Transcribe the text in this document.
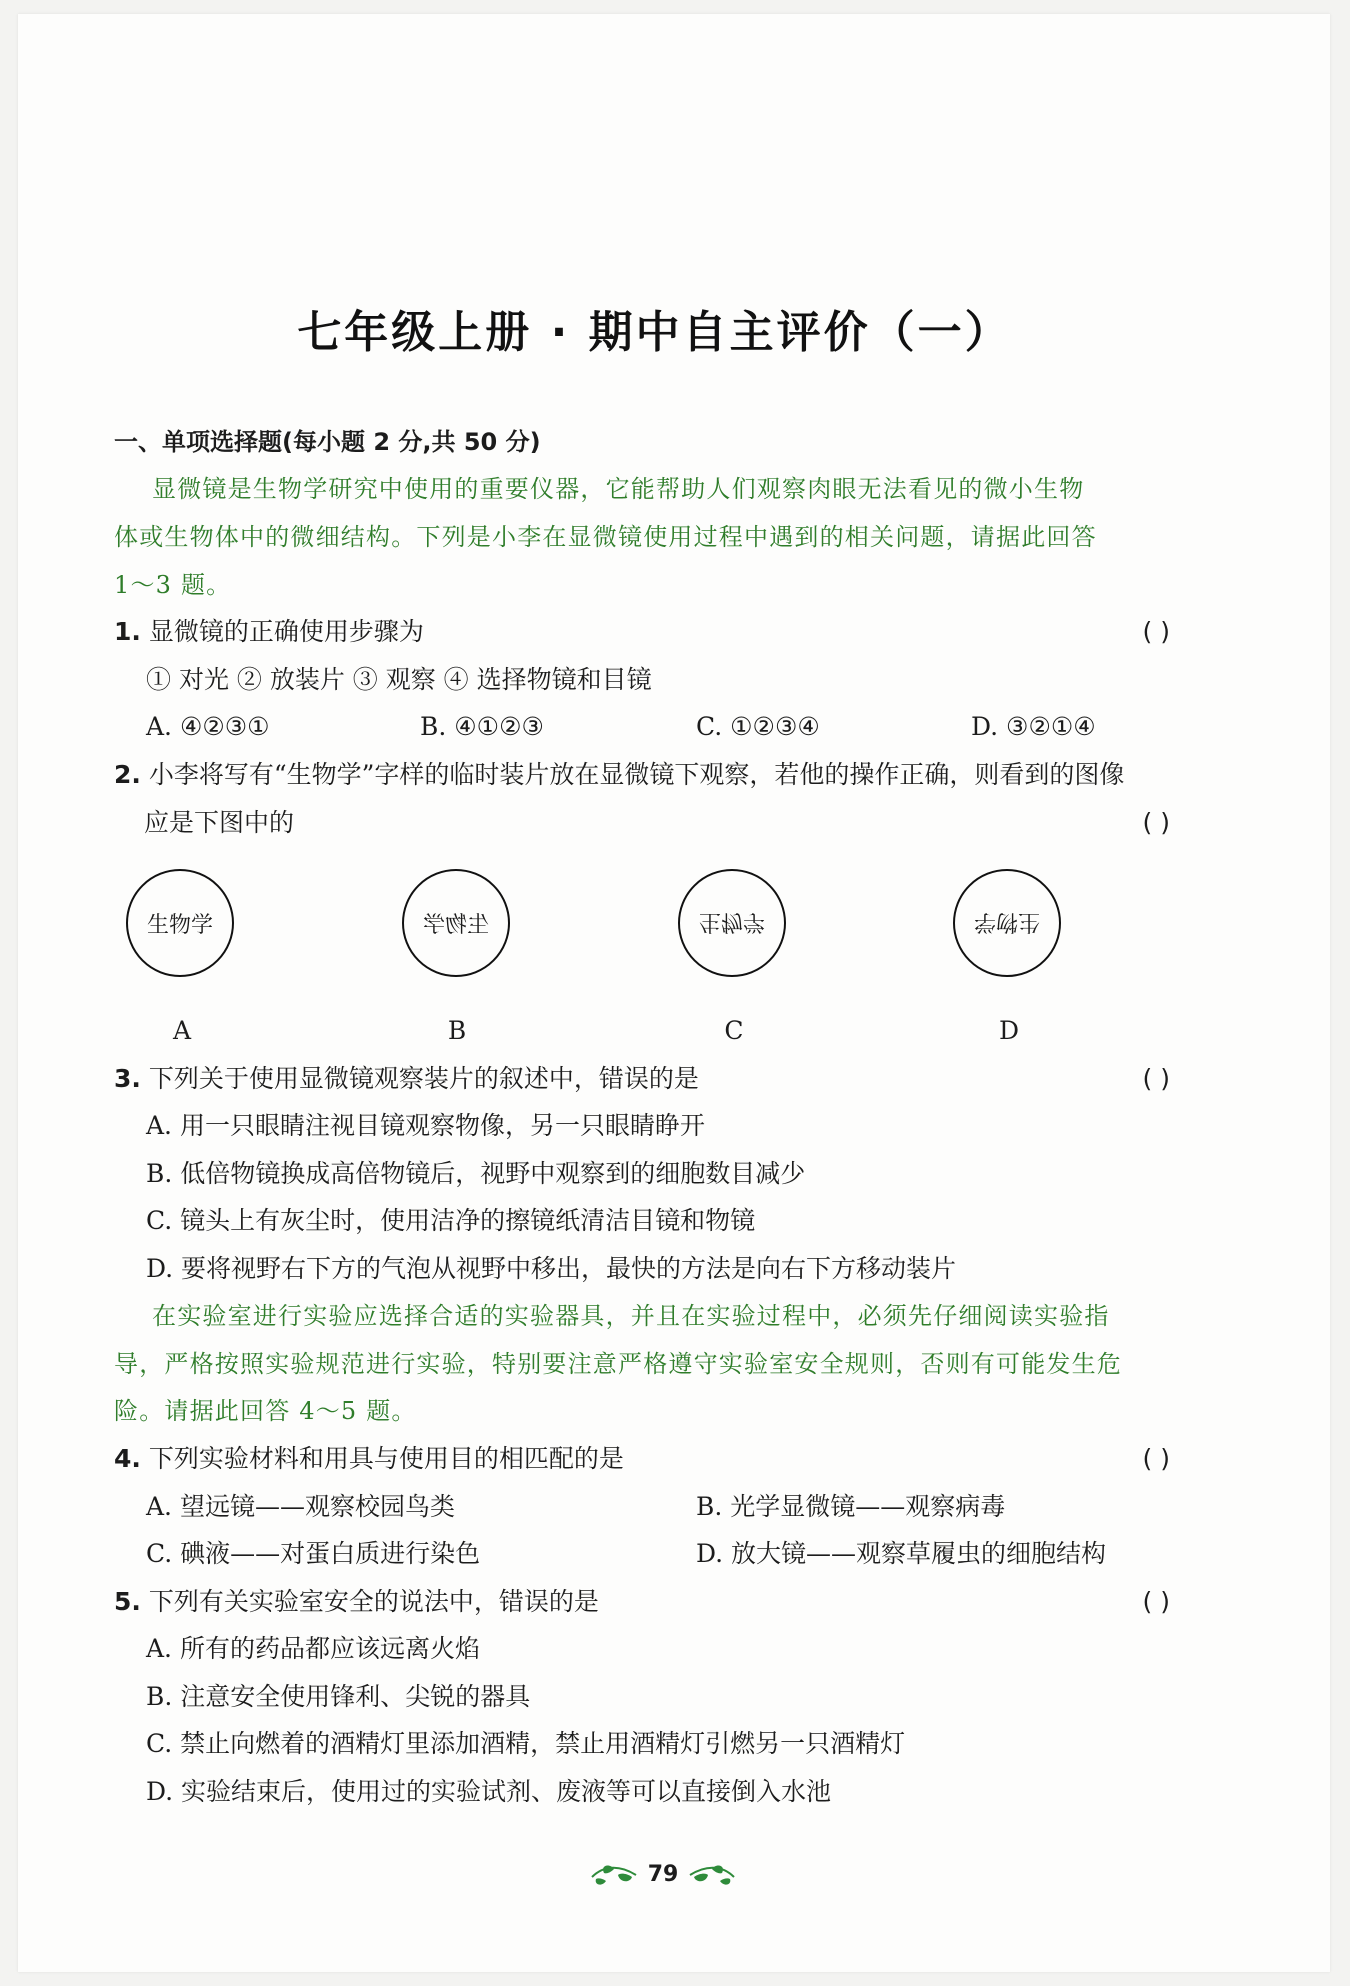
七年级上册 · 期中自主评价（一）
一、单项选择题(每小题 2 分,共 50 分)
显微镜是生物学研究中使用的重要仪器，它能帮助人们观察肉眼无法看见的微小生物
体或生物体中的微细结构。下列是小李在显微镜使用过程中遇到的相关问题，请据此回答
1～3 题。
1. 显微镜的正确使用步骤为	( )
① 对光 ② 放装片 ③ 观察 ④ 选择物镜和目镜
A. ④②③①	B. ④①②③	C. ①②③④	D. ③②①④
2. 小李将写有“生物学”字样的临时装片放在显微镜下观察，若他的操作正确，则看到的图像
应是下图中的	( )
生物学	生物学	生物学	生物学
A	B	C	D
3. 下列关于使用显微镜观察装片的叙述中，错误的是	( )
A. 用一只眼睛注视目镜观察物像，另一只眼睛睁开
B. 低倍物镜换成高倍物镜后，视野中观察到的细胞数目减少
C. 镜头上有灰尘时，使用洁净的擦镜纸清洁目镜和物镜
D. 要将视野右下方的气泡从视野中移出，最快的方法是向右下方移动装片
在实验室进行实验应选择合适的实验器具，并且在实验过程中，必须先仔细阅读实验指
导，严格按照实验规范进行实验，特别要注意严格遵守实验室安全规则，否则有可能发生危
险。请据此回答 4～5 题。
4. 下列实验材料和用具与使用目的相匹配的是	( )
A. 望远镜——观察校园鸟类	B. 光学显微镜——观察病毒
C. 碘液——对蛋白质进行染色	D. 放大镜——观察草履虫的细胞结构
5. 下列有关实验室安全的说法中，错误的是	( )
A. 所有的药品都应该远离火焰
B. 注意安全使用锋利、尖锐的器具
C. 禁止向燃着的酒精灯里添加酒精，禁止用酒精灯引燃另一只酒精灯
D. 实验结束后，使用过的实验试剂、废液等可以直接倒入水池
79
